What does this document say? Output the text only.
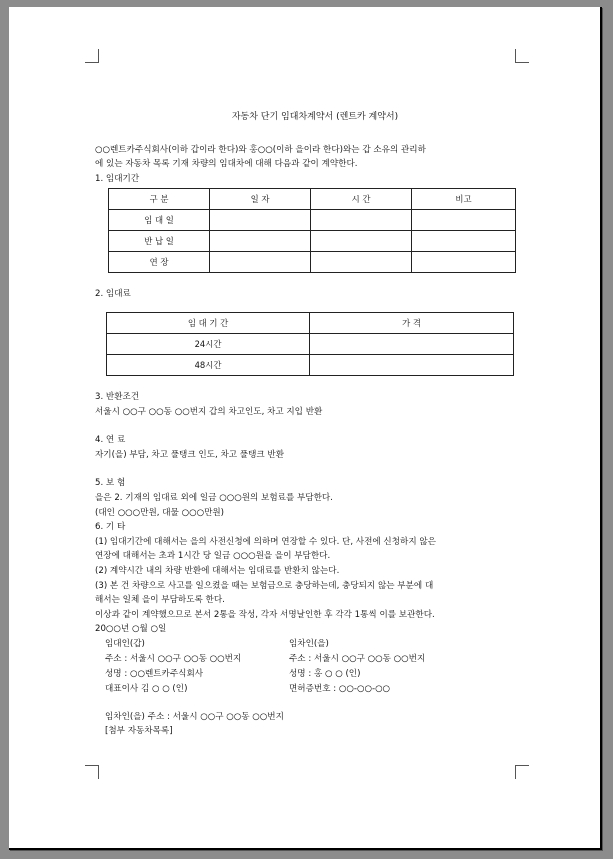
자동차 단기 임대차계약서 (렌트카 계약서)

○○렌트카주식회사(이하 갑이라 한다)와 홍○○(이하 을이라 한다)와는 갑 소유의 관리하

에 있는 자동차 목록 기재 차량의 임대차에 대해 다음과 같이 계약한다.

1. 임대기간

구 분	일 자	시 간	비고
임 대 일			
반 납 일			
연 장			

2. 임대료

임 대 기 간	가 격
24시간	
48시간	

3. 반환조건

서울시 ○○구 ○○동 ○○번지 갑의 차고인도, 차고 지입 반환

4. 연 료

자기(을) 부담, 차고 풀탱크 인도, 차고 풀탱크 반환

5. 보 험

을은 2. 기재의 임대료 외에 일금 ○○○원의 보험료를 부담한다.

(대인 ○○○만원, 대물 ○○○만원)

6. 기 타

(1) 임대기간에 대해서는 을의 사전신청에 의하며 연장할 수 있다. 단, 사전에 신청하지 않은

연장에 대해서는 초과 1시간 당 일금 ○○○원을 을이 부담한다.

(2) 계약시간 내의 차량 반환에 대해서는 임대료를 반환치 않는다.

(3) 본 건 차량으로 사고를 일으켰을 때는 보험금으로 충당하는데, 충당되지 않는 부분에 대

해서는 일체 을이 부담하도록 한다.

이상과 같이 계약했으므로 본서 2통을 작성, 각자 서명날인한 후 각각 1통씩 이를 보관한다.

20○○년 ○월 ○일

임대인(갑)	임차인(을)

주소 : 서울시 ○○구 ○○동 ○○번지	주소 : 서울시 ○○구 ○○동 ○○번지

성명 : ○○렌트카주식회사	성명 : 홍 ○ ○ (인)

대표이사 김 ○ ○ (인)	면허증번호 : ○○-○○-○○

임차인(을) 주소 : 서울시 ○○구 ○○동 ○○번지

[첨부 자동차목록]
